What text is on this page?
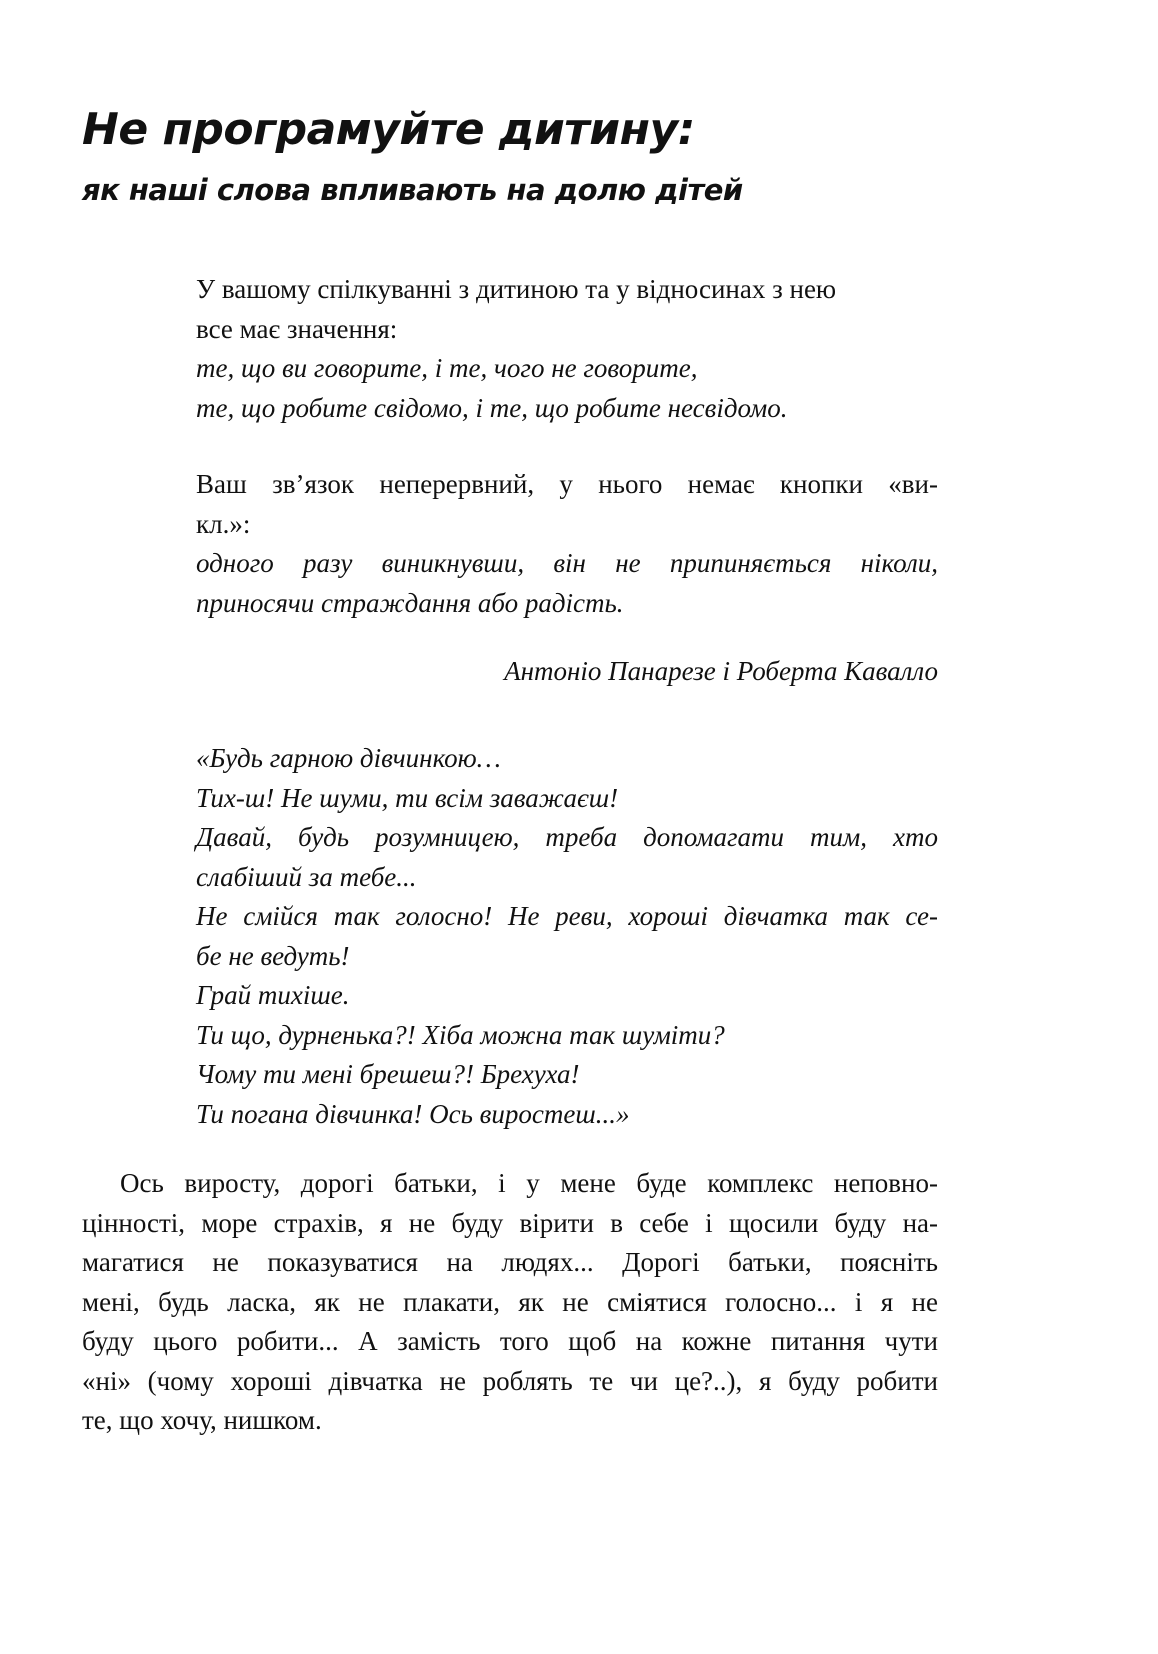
Не програмуйте дитину:
як наші слова впливають на долю дітей
У вашому спілкуванні з дитиною та у відносинах з нею
все має значення:
те, що ви говорите, і те, чого не говорите,
те, що робите свідомо, і те, що робите несвідомо.
Ваш зв’язок неперервний, у нього немає кнопки «ви-
кл.»:
одного разу виникнувши, він не припиняється ніколи,
приносячи страждання або радість.
Антоніо Панарезе і Роберта Кавалло
«Будь гарною дівчинкою…
Тих-ш! Не шуми, ти всім заважаєш!
Давай, будь розумницею, треба допомагати тим, хто
слабіший за тебе...
Не смійся так голосно! Не реви, хороші дівчатка так се-
бе не ведуть!
Грай тихіше.
Ти що, дурненька?! Хіба можна так шуміти?
Чому ти мені брешеш?! Брехуха!
Ти погана дівчинка! Ось виростеш...»
Ось виросту, дорогі батьки, і у мене буде комплекс неповно-
цінності, море страхів, я не буду вірити в себе і щосили буду на-
магатися не показуватися на людях... Дорогі батьки, поясніть
мені, будь ласка, як не плакати, як не сміятися голосно... і я не
буду цього робити... А замість того щоб на кожне питання чути
«ні» (чому хороші дівчатка не роблять те чи це?..), я буду робити
те, що хочу, нишком.
